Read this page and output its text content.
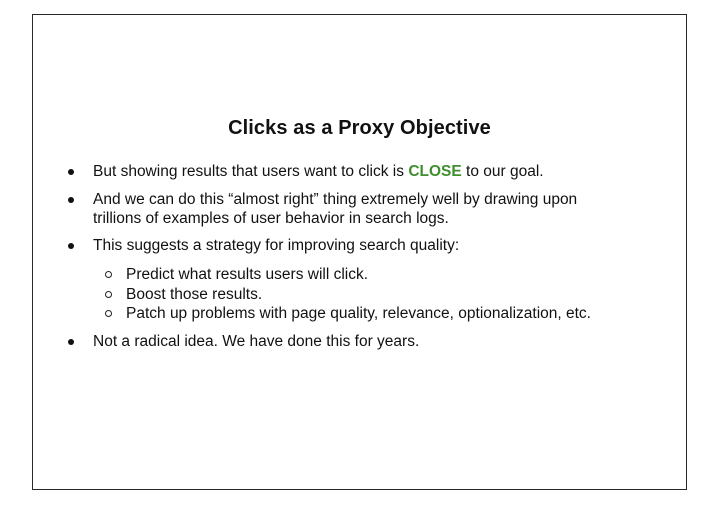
Clicks as a Proxy Objective
But showing results that users want to click is CLOSE to our goal.
And we can do this “almost right” thing extremely well by drawing upon
trillions of examples of user behavior in search logs.
This suggests a strategy for improving search quality:
Predict what results users will click.
Boost those results.
Patch up problems with page quality, relevance, optionalization, etc.
Not a radical idea. We have done this for years.
